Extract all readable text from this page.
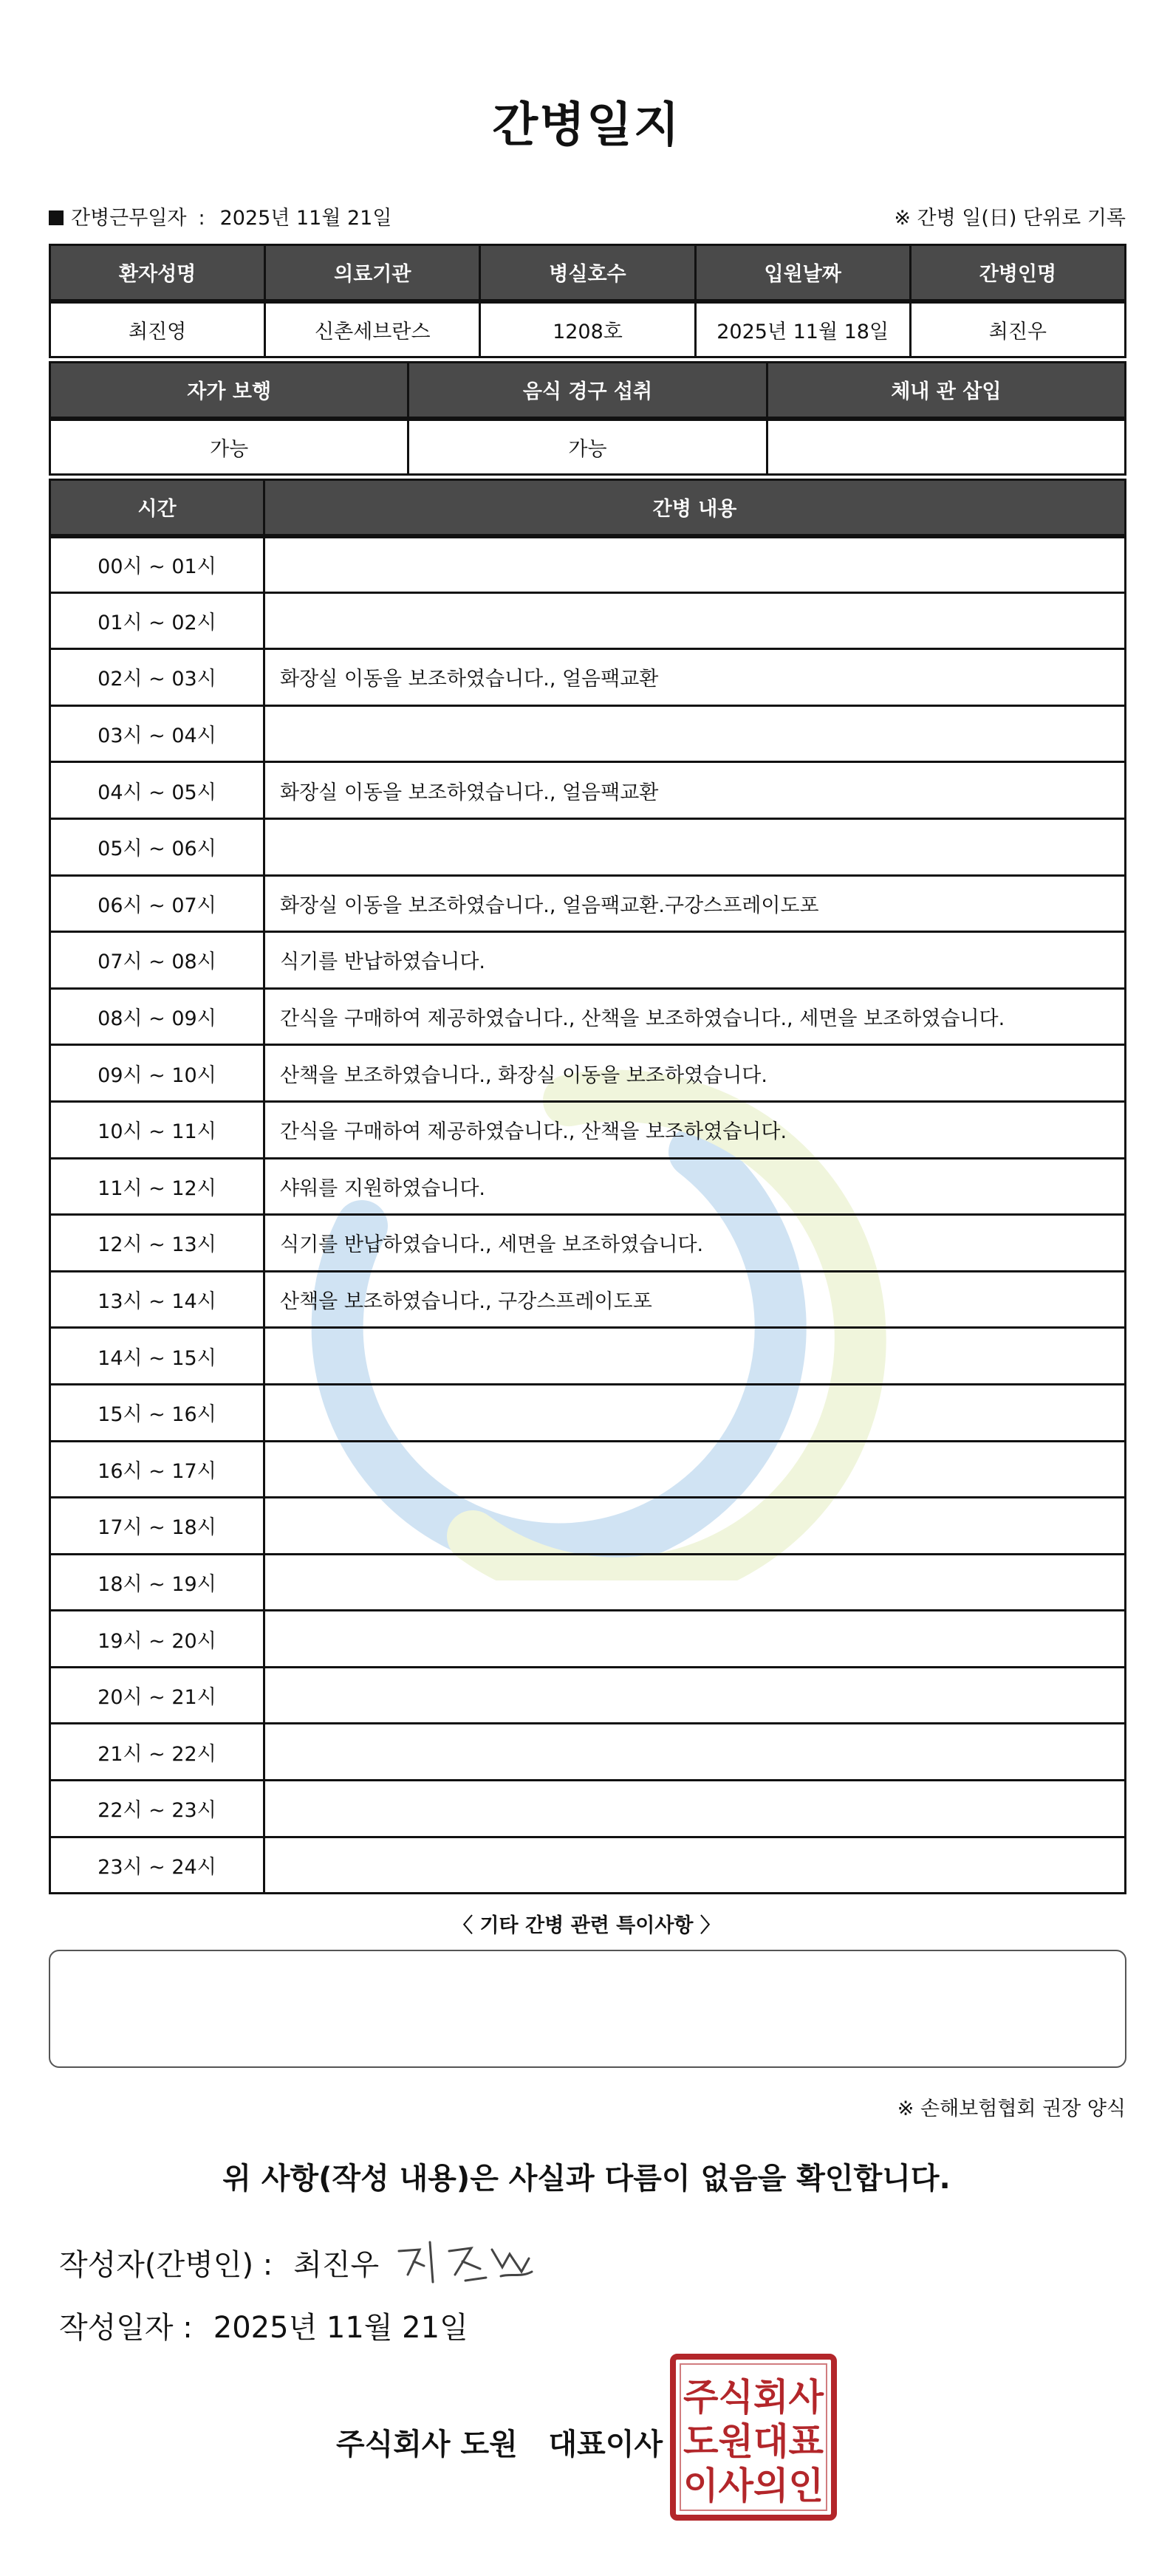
간병일지
간병근무일자 : 2025년 11월 21일	※ 간병 일(日) 단위로 기록
환자성명	의료기관	병실호수	입원날짜	간병인명
최진영	신촌세브란스	1208호	2025년 11월 18일	최진우
자가 보행	음식 경구 섭취	체내 관 삽입
가능	가능	
시간	간병 내용
00시 ~ 01시	
01시 ~ 02시	
02시 ~ 03시	화장실 이동을 보조하였습니다., 얼음팩교환
03시 ~ 04시	
04시 ~ 05시	화장실 이동을 보조하였습니다., 얼음팩교환
05시 ~ 06시	
06시 ~ 07시	화장실 이동을 보조하였습니다., 얼음팩교환.구강스프레이도포
07시 ~ 08시	식기를 반납하였습니다.
08시 ~ 09시	간식을 구매하여 제공하였습니다., 산책을 보조하였습니다., 세면을 보조하였습니다.
09시 ~ 10시	산책을 보조하였습니다., 화장실 이동을 보조하였습니다.
10시 ~ 11시	간식을 구매하여 제공하였습니다., 산책을 보조하였습니다.
11시 ~ 12시	샤워를 지원하였습니다.
12시 ~ 13시	식기를 반납하였습니다., 세면을 보조하였습니다.
13시 ~ 14시	산책을 보조하였습니다., 구강스프레이도포
14시 ~ 15시	
15시 ~ 16시	
16시 ~ 17시	
17시 ~ 18시	
18시 ~ 19시	
19시 ~ 20시	
20시 ~ 21시	
21시 ~ 22시	
22시 ~ 23시	
23시 ~ 24시	
〈 기타 간병 관련 특이사항 〉
※ 손해보험협회 권장 양식
위 사항(작성 내용)은 사실과 다름이 없음을 확인합니다.
작성자(간병인) : 최진우
작성일자 : 2025년 11월 21일
주식회사 도원   대표이사
주식회사
도원대표
이사의인
